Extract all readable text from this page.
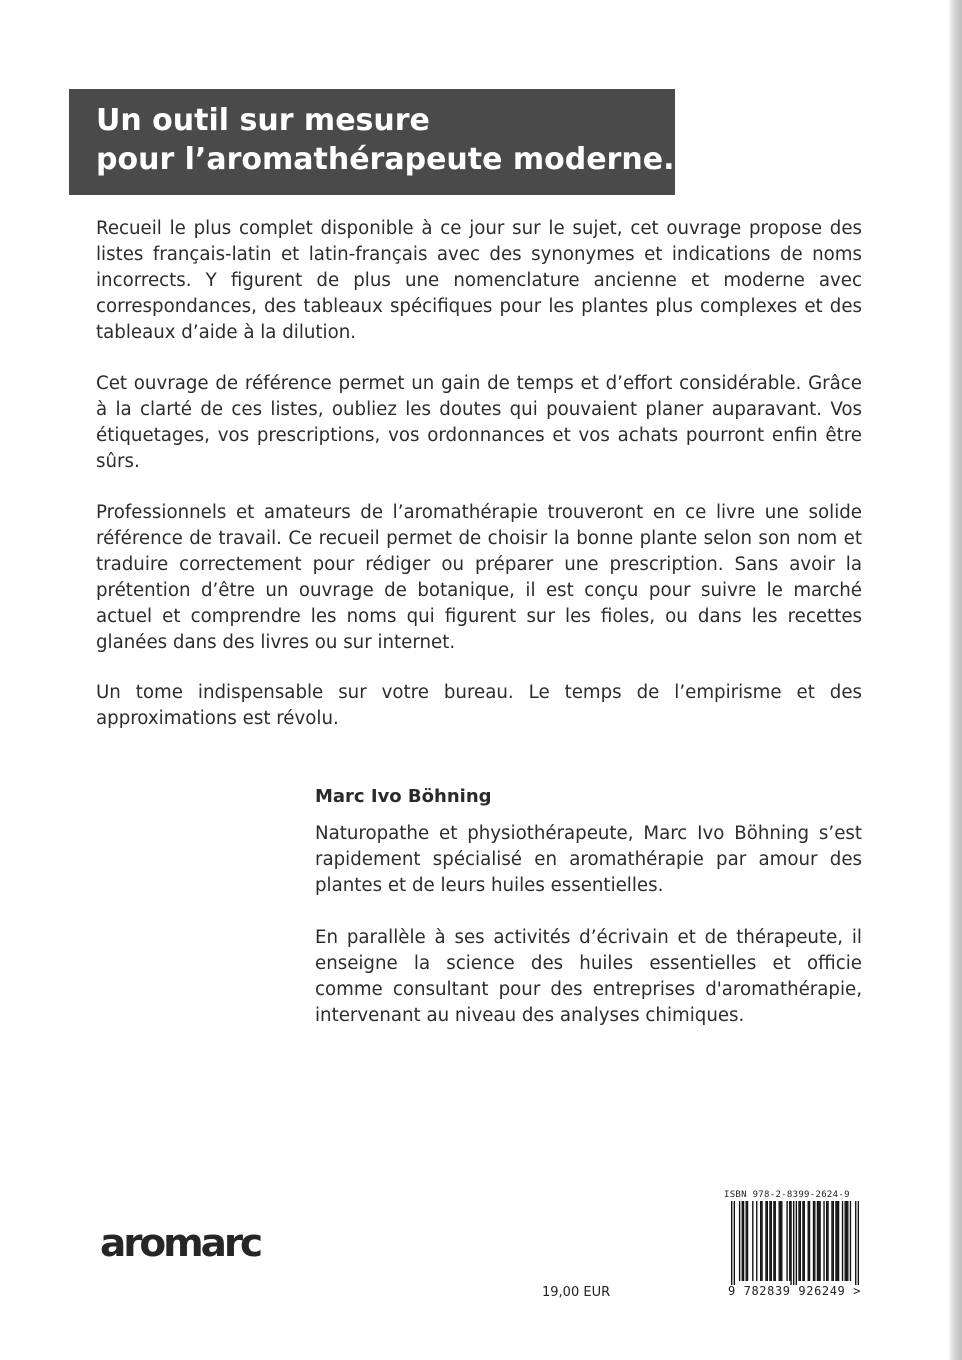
Un outil sur mesure
pour l’aromathérapeute moderne.

Recueil le plus complet disponible à ce jour sur le sujet, cet ouvrage propose des listes français-latin et latin-français avec des synonymes et indications de noms incorrects. Y figurent de plus une nomenclature ancienne et moderne avec correspondances, des tableaux spécifiques pour les plantes plus complexes et des tableaux d’aide à la dilution.

Cet ouvrage de référence permet un gain de temps et d’effort considérable. Grâce à la clarté de ces listes, oubliez les doutes qui pouvaient planer auparavant. Vos étiquetages, vos prescriptions, vos ordonnances et vos achats pourront enfin être sûrs.

Professionnels et amateurs de l’aromathérapie trouveront en ce livre une solide référence de travail. Ce recueil permet de choisir la bonne plante selon son nom et traduire correctement pour rédiger ou préparer une prescription. Sans avoir la prétention d’être un ouvrage de botanique, il est conçu pour suivre le marché actuel et comprendre les noms qui figurent sur les fioles, ou dans les recettes glanées dans des livres ou sur internet.

Un tome indispensable sur votre bureau. Le temps de l’empirisme et des approximations est révolu.

Marc Ivo Böhning

Naturopathe et physiothérapeute, Marc Ivo Böhning s’est rapidement spécialisé en aromathérapie par amour des plantes et de leurs huiles essentielles.

En parallèle à ses activités d’écrivain et de thérapeute, il enseigne la science des huiles essentielles et officie comme consultant pour des entreprises d'aromathérapie, intervenant au niveau des analyses chimiques.

aromarc
19,00 EUR
ISBN 978-2-8399-2624-9
9 782839 926249 >
